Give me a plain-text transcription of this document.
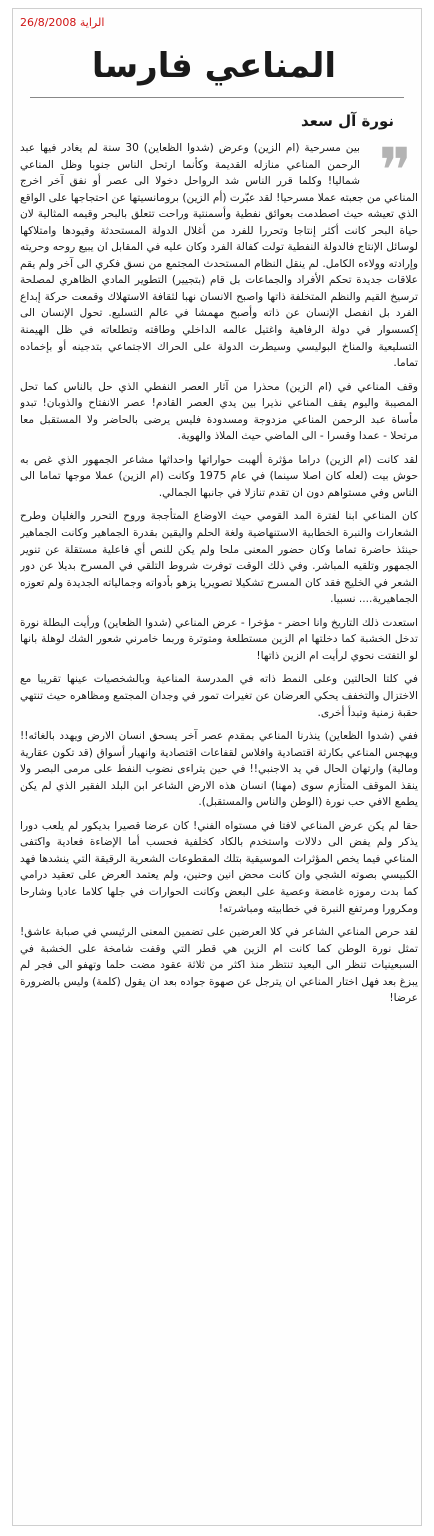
الراية 26/8/2008
المناعي فارسا
نورة آل سعد
❞

بين مسرحية (ام الزين) وعرض (شدوا الظعاين) 30 سنة لم يغادر فيها عبد الرحمن المناعي منازله القديمة وكأنما ارتحل الناس جنوبا وظل المناعي شماليا! وكلما قرر الناس شد الرواحل دخولا الى عصر أو نفق آخر اخرج المناعي من جعبته عملا مسرحيا! لقد عبّرت (أم الزين) برومانسيتها عن احتجاجها على الواقع الذي تعيشه حيث اصطدمت بعوائق نفطية وأسمنتية وراحت تتعلق بالبحر وقيمه المثالية لان حياة البحر كانت أكثر إنتاجا وتحررا للفرد من أغلال الدولة المستحدثة وقيودها وامتلاكها لوسائل الإنتاج فالدولة النفطية تولت كفالة الفرد وكان عليه في المقابل ان يبيع روحه وحريته وإرادته وولاءه الكامل. لم ينقل النظام المستحدث المجتمع من نسق فكري الى آخر ولم يقم علاقات جديدة تحكم الأفراد والجماعات بل قام (بتجيير) التطوير المادي الظاهري لمصلحة ترسيخ القيم والنظم المتخلفة ذاتها واصبح الانسان نهبا لثقافة الاستهلاك وقمعت حركة إبداع الفرد بل انفصل الإنسان عن ذاته وأصبح مهمشا في عالم التسليع. تحول الإنسان الى إكسسوار في دولة الرفاهية واغتيل عالمه الداخلي وطاقته وتطلعاته في ظل الهيمنة التسليعية والمناخ البوليسي وسيطرت الدولة على الحراك الاجتماعي بتدجينه أو بإخماده تماما.

وقف المناعي في (ام الزين) محذرا من آثار العصر النفطي الذي حل بالناس كما تحل المصيبة واليوم يقف المناعي نذيرا بين يدي العصر القادم! عصر الانفتاح والذوبان! تبدو مأساة عبد الرحمن المناعي مزدوجة ومسدودة فليس يرضى بالحاضر ولا المستقبل معا مرتحلا - عمدا وقسرا - الى الماضي حيث الملاذ والهوية.

لقد كانت (ام الزين) دراما مؤثرة ألهبت حواراتها واحداثها مشاعر الجمهور الذي غص به حوش بيت (لعله كان اصلا سينما) في عام 1975 وكانت (ام الزين) عملا موجها تماما الى الناس وفي مستواهم دون ان تقدم تنازلا في جانبها الجمالي.

كان المناعي ابنا لفترة المد القومي حيث الاوضاع المتأججة وروح التحرر والغليان وطرح الشعارات والنبرة الخطابية الاستنهاضية ولغة الحلم واليقين بقدرة الجماهير وكانت الجماهير حينئذ حاضرة تماما وكان حضور المعنى ملحا ولم يكن للنص أي فاعلية مستقلة عن تنوير الجمهور وتلقيه المباشر. وفي ذلك الوقت توفرت شروط التلقي في المسرح بديلا عن دور الشعر في الخليج فقد كان المسرح تشكيلا تصويريا يزهو بأدواته وجمالياته الجديدة ولم تعوزه الجماهيرية.... نسبيا.

استعدت ذلك التاريخ وانا احضر - مؤخرا - عرض المناعي (شدوا الظعاين) ورأيت البطلة نورة تدخل الخشبة كما دخلتها ام الزين مستطلعة ومتوترة وربما خامرني شعور الشك لوهلة بانها لو التفتت نحوي لرأيت ام الزين ذاتها!

في كلتا الحالتين وعلى النمط ذاته في المدرسة المناعية وبالشخصيات عينها تقريبا مع الاختزال والتخفف يحكي العرضان عن تغيرات تمور في وجدان المجتمع ومظاهره حيث تنتهي حقبة زمنية وتبدأ أخرى.

ففي (شدوا الظعاين) ينذرنا المناعي بمقدم عصر آخر يسحق انسان الارض ويهدد بالغائه!! ويهجس المناعي بكارثة اقتصادية وافلاس لقفاعات اقتصادية وانهيار أسواق (قد تكون عقارية ومالية) وارتهان الحال في يد الاجنبي!! في حين يتراءى نضوب النفط على مرمى البصر ولا ينقذ الموقف المتأزم سوى (مهنا) انسان هذه الارض الشاعر ابن البلد الفقير الذي لم يكن يطمع الافي حب نورة (الوطن والناس والمستقبل).

حقا لم يكن عرض المناعي لافتا في مستواه الفني! كان عرضا قصيرا بديكور لم يلعب دورا يذكر ولم يفض الى دلالات واستخدم بالكاد كخلفية فحسب أما الإضاءة فعادية واكتفى المناعي فيما يخص المؤثرات الموسيقية بتلك المقطوعات الشعرية الرقيقة التي ينشدها فهد الكبيسي بصوته الشجي وان كانت محض انين وحنين، ولم يعتمد العرض على تعقيد درامي كما بدت رموزه غامضة وعصية على البعض وكانت الحوارات في جلها كلاما عاديا وشارحا ومكرورا ومرتفع النبرة في خطابيته ومباشرته!

لقد حرص المناعي الشاعر في كلا العرضين على تضمين المعنى الرئيسي في صبابة عاشق! تمثل نورة الوطن كما كانت ام الزين هي قطر التي وقفت شامخة على الخشبة في السبعينيات تنظر الى البعيد تنتظر منذ اكثر من ثلاثة عقود مضت حلما وتهفو الى فجر لم يبزغ بعد فهل اختار المناعي ان يترجل عن صهوة جواده بعد ان يقول (كلمة) وليس بالضرورة عرضا!
